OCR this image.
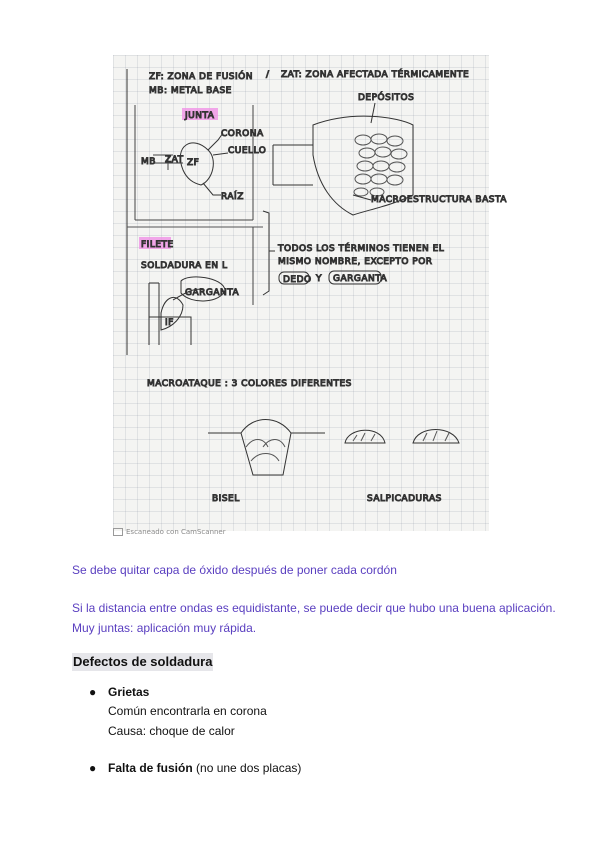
ZF: ZONA DE FUSIÓN / ZAT: ZONA AFECTADA TÉRMICAMENTE
MB: METAL BASE
JUNTA
CORONA
CUELLO
MB ZAT ZF
RAÍZ
DEPÓSITOS
MACROESTRUCTURA BASTA
FILETE
SOLDADURA EN L
GARGANTA
IF
TODOS LOS TÉRMINOS TIENEN EL
MISMO NOMBRE, EXCEPTO POR
DEDO Y GARGANTA
MACROATAQUE : 3 COLORES DIFERENTES
BISEL	SALPICADURAS
Escaneado con CamScanner
Se debe quitar capa de óxido después de poner cada cordón
Si la distancia entre ondas es equidistante, se puede decir que hubo una buena aplicación.
Muy juntas: aplicación muy rápida.
Defectos de soldadura
● Grietas
Común encontrarla en corona
Causa: choque de calor
● Falta de fusión (no une dos placas)
